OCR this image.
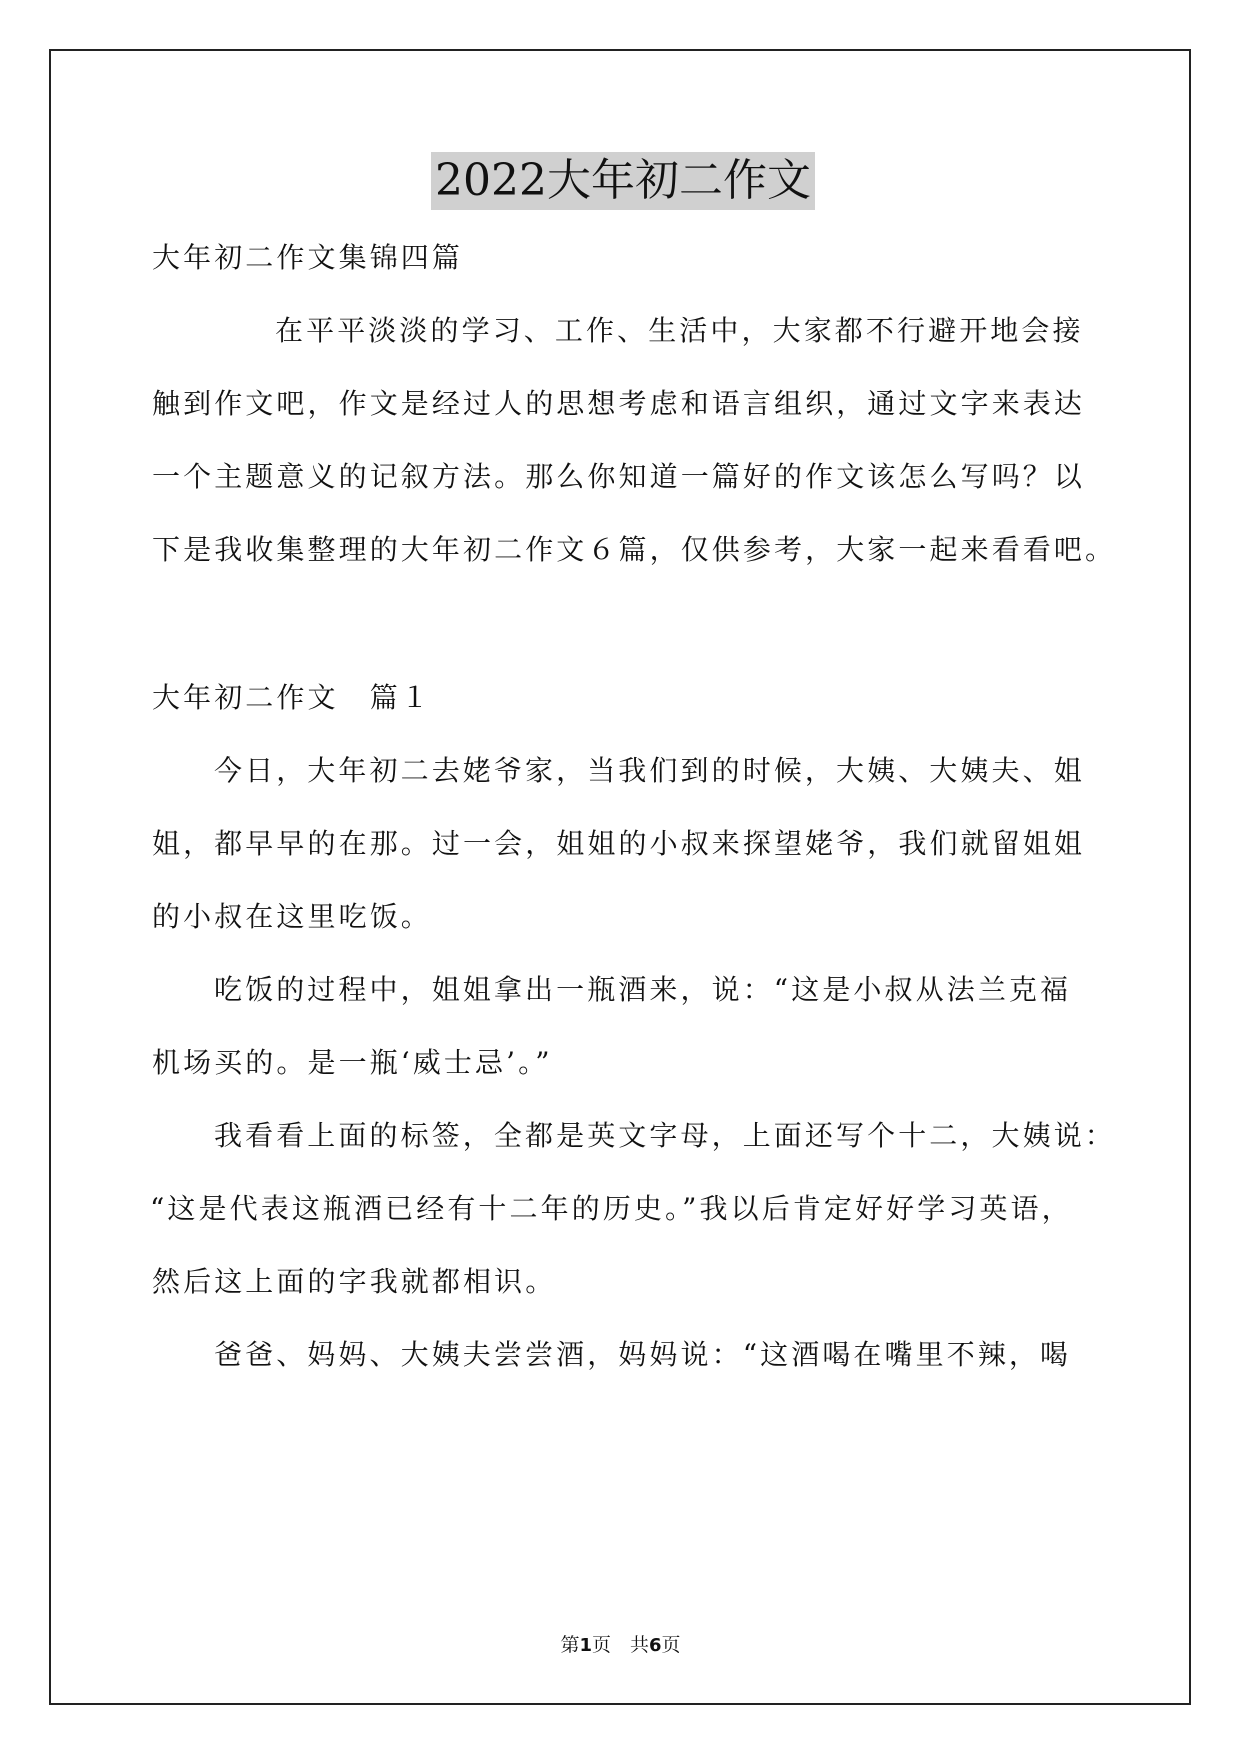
2022大年初二作文
大年初二作文集锦四篇
在平平淡淡的学习、工作、生活中，大家都不行避开地会接
触到作文吧，作文是经过人的思想考虑和语言组织，通过文字来表达
一个主题意义的记叙方法。那么你知道一篇好的作文该怎么写吗？以
下是我收集整理的大年初二作文６篇，仅供参考，大家一起来看看吧。
大年初二作文　篇１
今日，大年初二去姥爷家，当我们到的时候，大姨、大姨夫、姐
姐，都早早的在那。过一会，姐姐的小叔来探望姥爷，我们就留姐姐
的小叔在这里吃饭。
吃饭的过程中，姐姐拿出一瓶酒来，说：“这是小叔从法兰克福
机场买的。是一瓶‘威士忌’。”
我看看上面的标签，全都是英文字母，上面还写个十二，大姨说：
“这是代表这瓶酒已经有十二年的历史。”我以后肯定好好学习英语，
然后这上面的字我就都相识。
爸爸、妈妈、大姨夫尝尝酒，妈妈说：“这酒喝在嘴里不辣，喝
第1页　共6页
